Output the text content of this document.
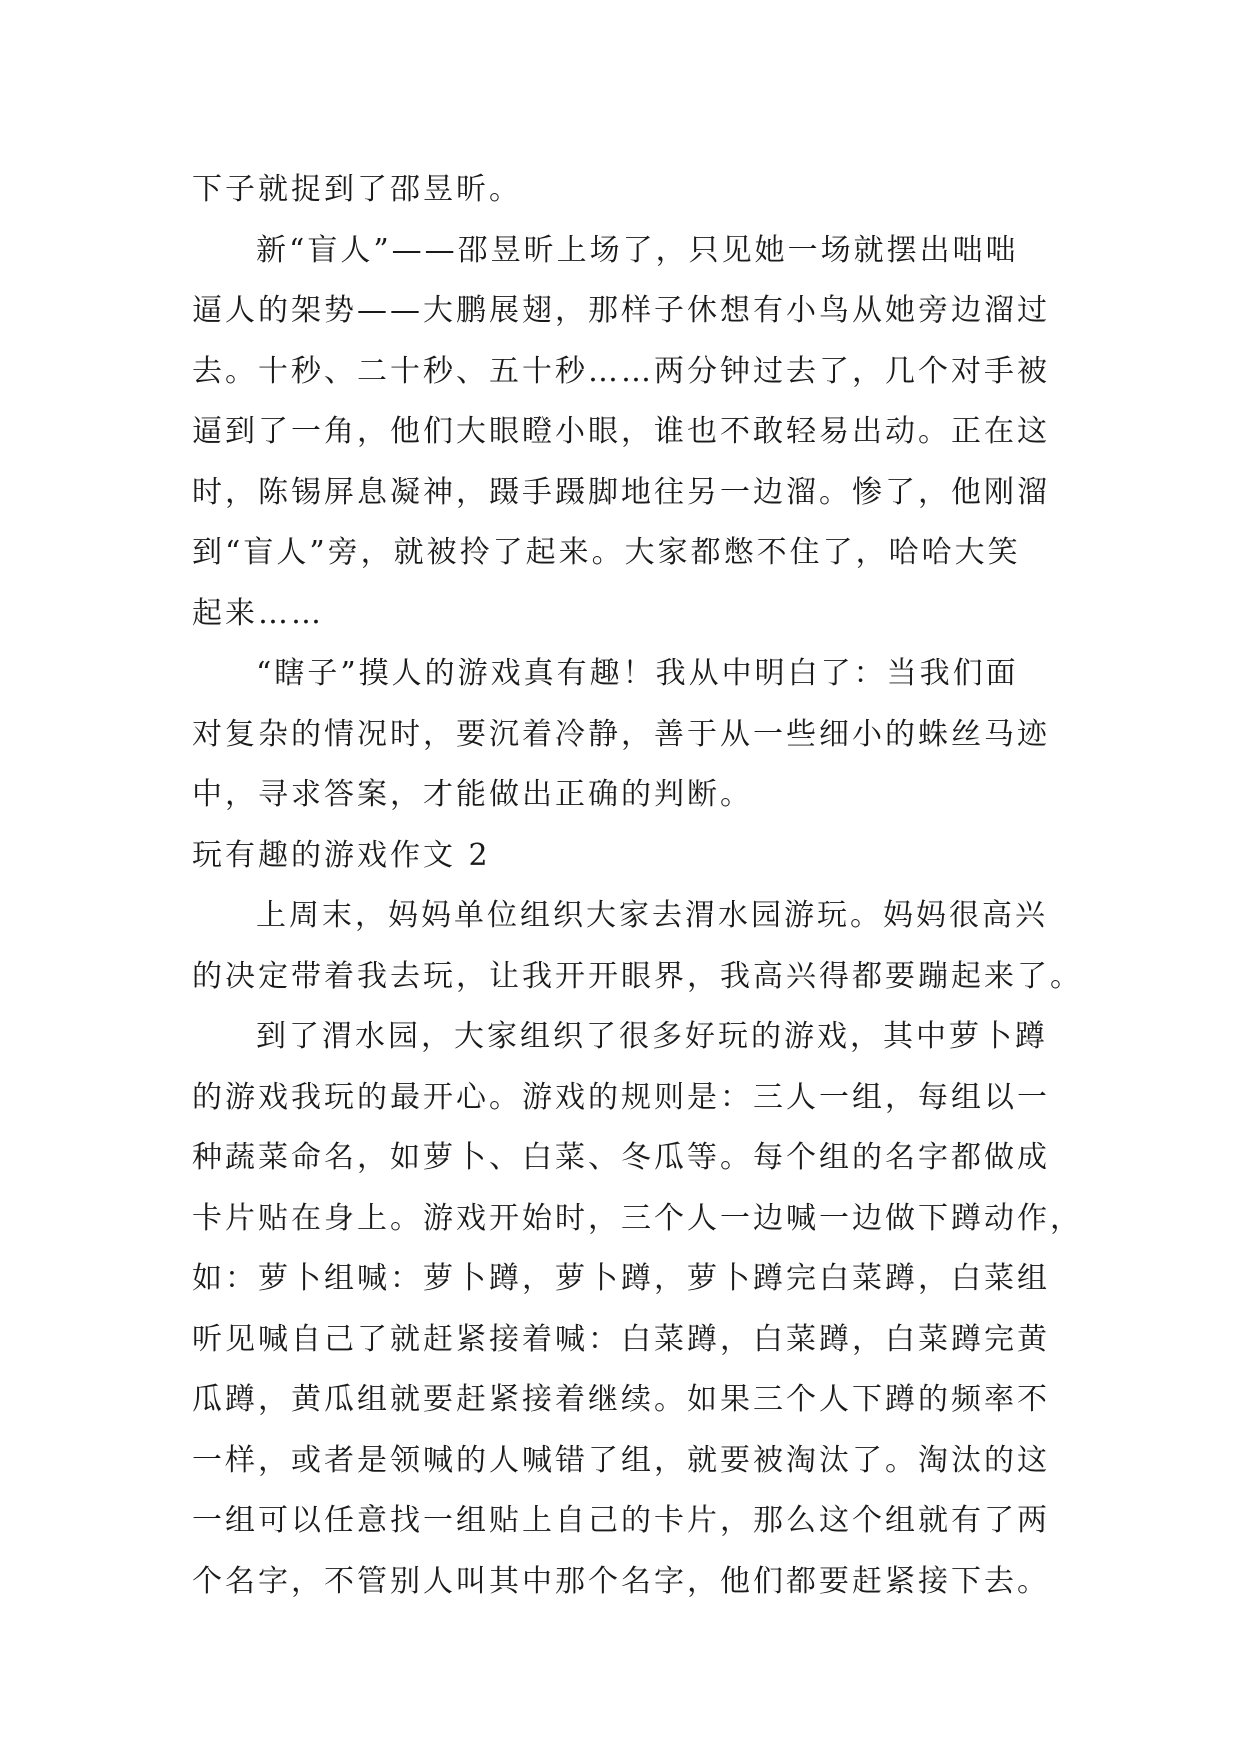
下子就捉到了邵昱昕。
新“盲人”——邵昱昕上场了，只见她一场就摆出咄咄
逼人的架势——大鹏展翅，那样子休想有小鸟从她旁边溜过
去。十秒、二十秒、五十秒……两分钟过去了，几个对手被
逼到了一角，他们大眼瞪小眼，谁也不敢轻易出动。正在这
时，陈锡屏息凝神，蹑手蹑脚地往另一边溜。惨了，他刚溜
到“盲人”旁，就被拎了起来。大家都憋不住了，哈哈大笑
起来……
“瞎子”摸人的游戏真有趣！我从中明白了：当我们面
对复杂的情况时，要沉着冷静，善于从一些细小的蛛丝马迹
中，寻求答案，才能做出正确的判断。
玩有趣的游戏作文 2
上周末，妈妈单位组织大家去渭水园游玩。妈妈很高兴
的决定带着我去玩，让我开开眼界，我高兴得都要蹦起来了。
到了渭水园，大家组织了很多好玩的游戏，其中萝卜蹲
的游戏我玩的最开心。游戏的规则是：三人一组，每组以一
种蔬菜命名，如萝卜、白菜、冬瓜等。每个组的名字都做成
卡片贴在身上。游戏开始时，三个人一边喊一边做下蹲动作，
如：萝卜组喊：萝卜蹲，萝卜蹲，萝卜蹲完白菜蹲，白菜组
听见喊自己了就赶紧接着喊：白菜蹲，白菜蹲，白菜蹲完黄
瓜蹲，黄瓜组就要赶紧接着继续。如果三个人下蹲的频率不
一样，或者是领喊的人喊错了组，就要被淘汰了。淘汰的这
一组可以任意找一组贴上自己的卡片，那么这个组就有了两
个名字，不管别人叫其中那个名字，他们都要赶紧接下去。
